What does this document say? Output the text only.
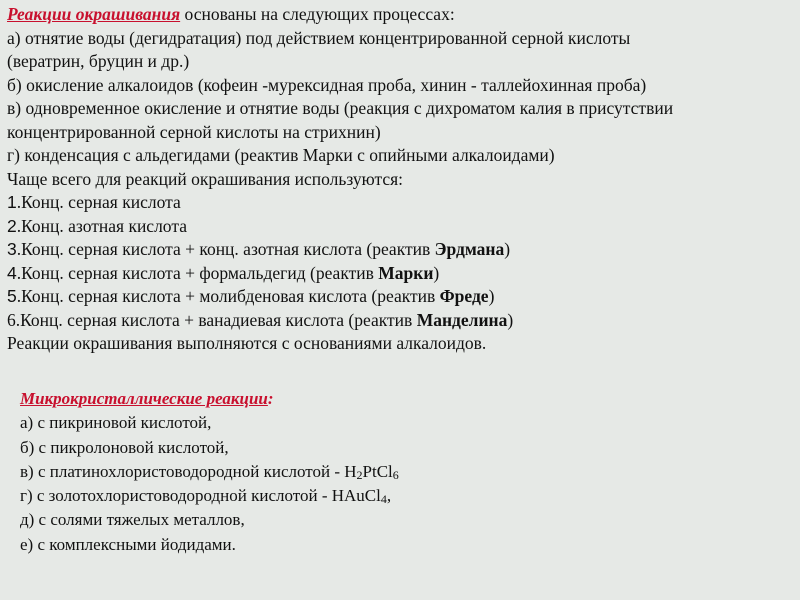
Реакции окрашивания основаны на следующих процессах:
а) отнятие воды (дегидратация) под действием концентрированной серной кислоты
(вератрин, бруцин и др.)
б) окисление алкалоидов (кофеин -мурексидная проба, хинин - таллейохинная проба)
в) одновременное окисление и отнятие воды (реакция с дихроматом калия в присутствии
концентрированной серной кислоты на стрихнин)
г) конденсация с альдегидами (реактив Марки с опийными алкалоидами)
Чаще всего для реакций окрашивания используются:
1.Конц. серная кислота
2.Конц. азотная кислота
3.Конц. серная кислота + конц. азотная кислота (реактив Эрдмана)
4.Конц. серная кислота + формальдегид (реактив Марки)
5.Конц. серная кислота + молибденовая кислота (реактив Фреде)
6.Конц. серная кислота + ванадиевая кислота (реактив Манделина)
Реакции окрашивания выполняются с основаниями алкалоидов.
Микрокристаллические реакции:
а) с пикриновой кислотой,
б) с пикролоновой кислотой,
в) с платинохлористоводородной кислотой - $H_2PtCl_6$
г) с золотохлористоводородной кислотой - HAuCl$_4$,
д) с солями тяжелых металлов,
е) с комплексными йодидами.
